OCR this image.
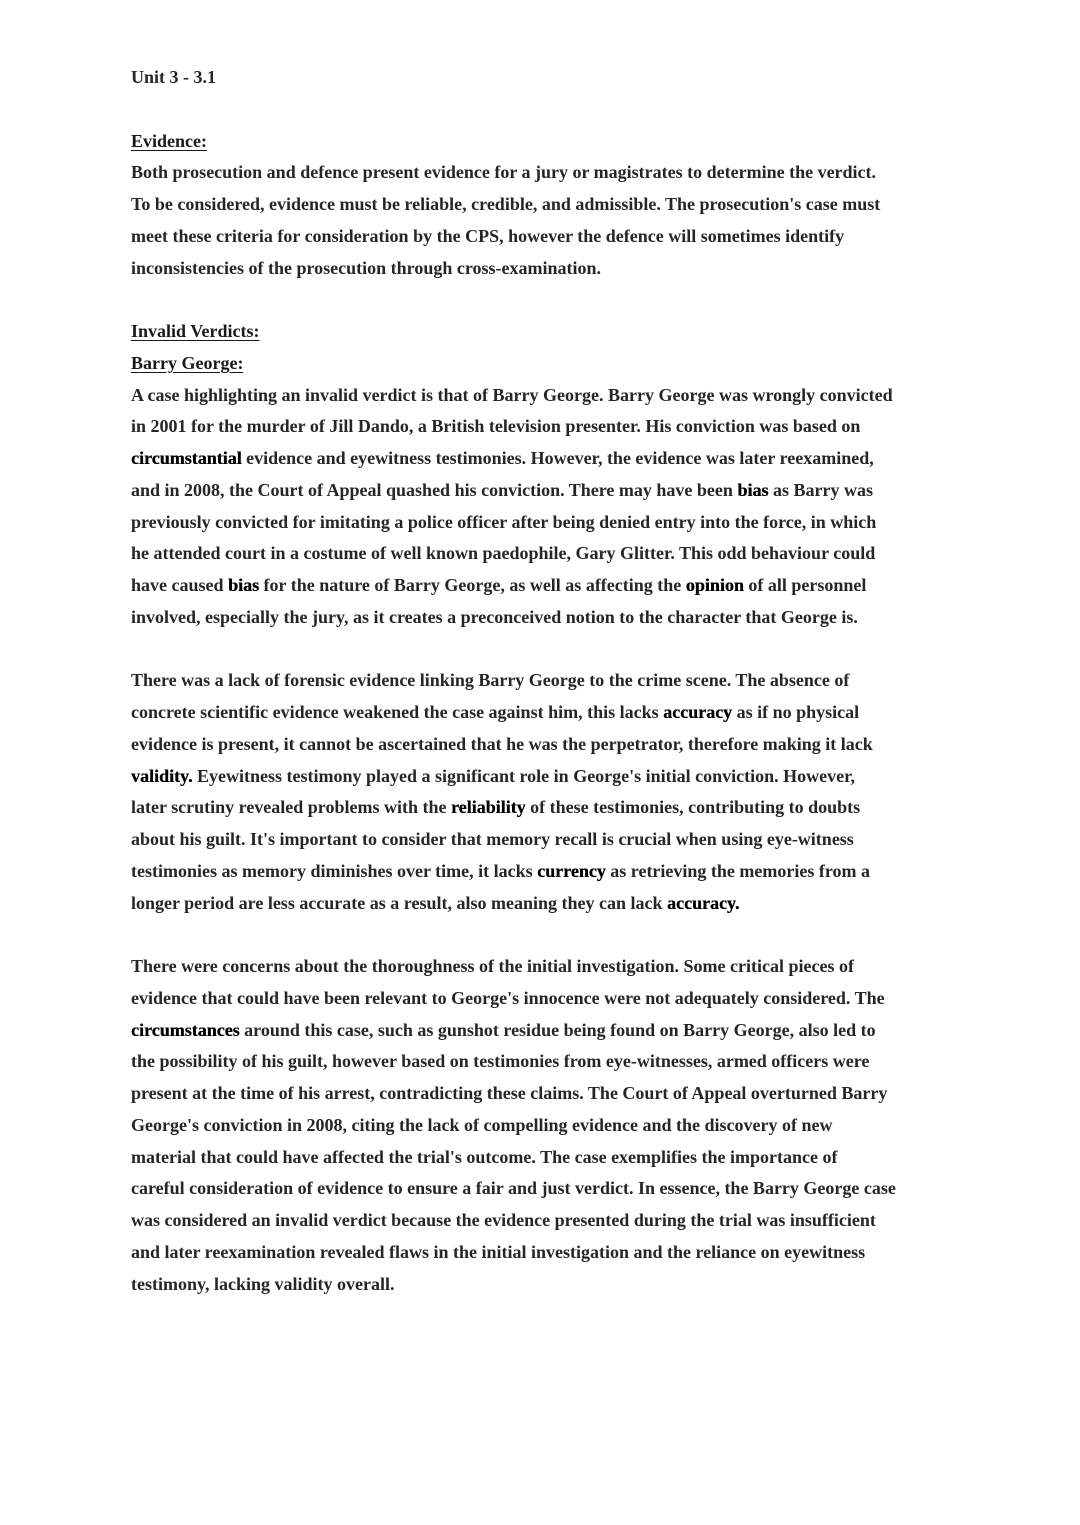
Unit 3 - 3.1
Evidence:
Both prosecution and defence present evidence for a jury or magistrates to determine the verdict.
To be considered, evidence must be reliable, credible, and admissible. The prosecution's case must
meet these criteria for consideration by the CPS, however the defence will sometimes identify
inconsistencies of the prosecution through cross-examination.
Invalid Verdicts:
Barry George:
A case highlighting an invalid verdict is that of Barry George. Barry George was wrongly convicted
in 2001 for the murder of Jill Dando, a British television presenter. His conviction was based on
circumstantial evidence and eyewitness testimonies. However, the evidence was later reexamined,
and in 2008, the Court of Appeal quashed his conviction. There may have been bias as Barry was
previously convicted for imitating a police officer after being denied entry into the force, in which
he attended court in a costume of well known paedophile, Gary Glitter. This odd behaviour could
have caused bias for the nature of Barry George, as well as affecting the opinion of all personnel
involved, especially the jury, as it creates a preconceived notion to the character that George is.
There was a lack of forensic evidence linking Barry George to the crime scene. The absence of
concrete scientific evidence weakened the case against him, this lacks accuracy as if no physical
evidence is present, it cannot be ascertained that he was the perpetrator, therefore making it lack
validity. Eyewitness testimony played a significant role in George's initial conviction. However,
later scrutiny revealed problems with the reliability of these testimonies, contributing to doubts
about his guilt. It's important to consider that memory recall is crucial when using eye-witness
testimonies as memory diminishes over time, it lacks currency as retrieving the memories from a
longer period are less accurate as a result, also meaning they can lack accuracy.
There were concerns about the thoroughness of the initial investigation. Some critical pieces of
evidence that could have been relevant to George's innocence were not adequately considered. The
circumstances around this case, such as gunshot residue being found on Barry George, also led to
the possibility of his guilt, however based on testimonies from eye-witnesses, armed officers were
present at the time of his arrest, contradicting these claims. The Court of Appeal overturned Barry
George's conviction in 2008, citing the lack of compelling evidence and the discovery of new
material that could have affected the trial's outcome. The case exemplifies the importance of
careful consideration of evidence to ensure a fair and just verdict. In essence, the Barry George case
was considered an invalid verdict because the evidence presented during the trial was insufficient
and later reexamination revealed flaws in the initial investigation and the reliance on eyewitness
testimony, lacking validity overall.
